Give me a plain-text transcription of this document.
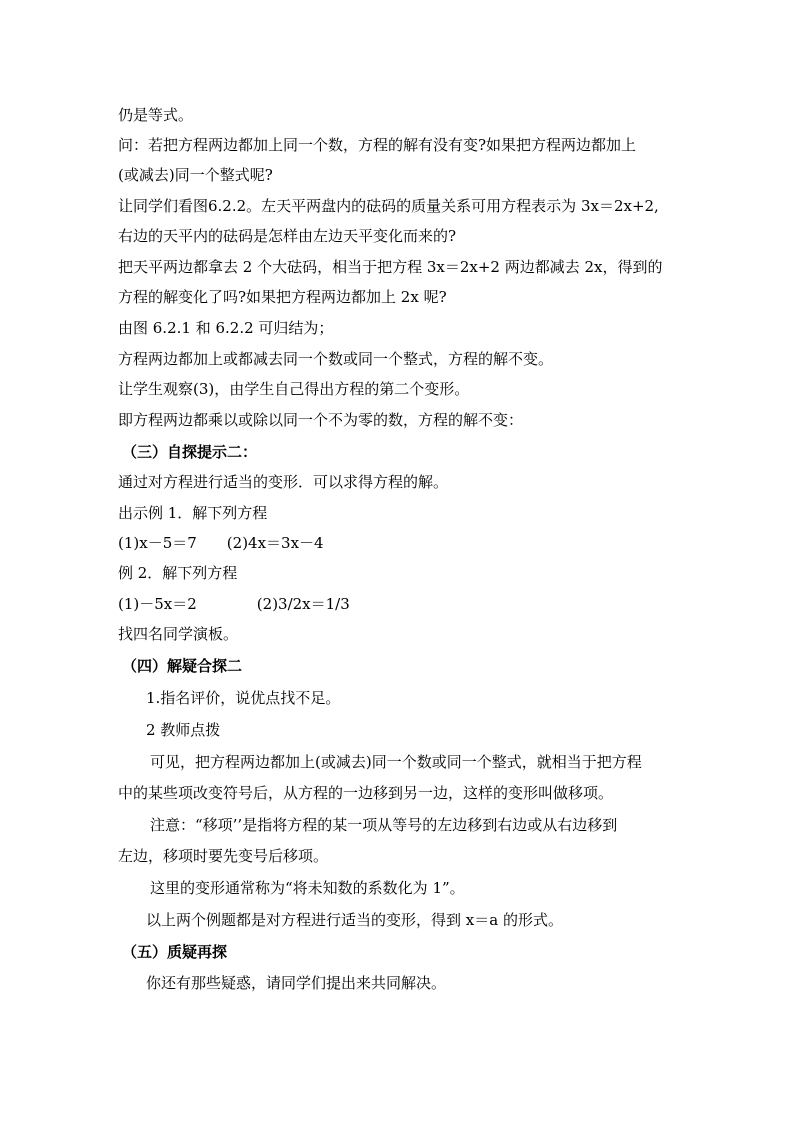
仍是等式。
问：若把方程两边都加上同一个数，方程的解有没有变?如果把方程两边都加上
(或减去)同一个整式呢?
让同学们看图6.2.2。左天平两盘内的砝码的质量关系可用方程表示为 3x＝2x+2,
右边的天平内的砝码是怎样由左边天平变化而来的?
把天平两边都拿去 2 个大砝码，相当于把方程 3x＝2x+2 两边都减去 2x，得到的
方程的解变化了吗?如果把方程两边都加上 2x 呢?
由图 6.2.1 和 6.2.2 可归结为；
方程两边都加上或都减去同一个数或同一个整式，方程的解不变。
让学生观察(3)，由学生自己得出方程的第二个变形。
即方程两边都乘以或除以同一个不为零的数，方程的解不变：
（三）自探提示二：
通过对方程进行适当的变形．可以求得方程的解。
出示例 1．解下列方程
(1)x－5＝7　　(2)4x＝3x－4
例 2．解下列方程
(1)－5x＝2　　　　(2)3/2x＝1/3
找四名同学演板。
（四）解疑合探二
1.指名评价，说优点找不足。
2 教师点拨
可见，把方程两边都加上(或减去)同一个数或同一个整式，就相当于把方程
中的某些项改变符号后，从方程的一边移到另一边，这样的变形叫做移项。
注意：“移项’’是指将方程的某一项从等号的左边移到右边或从右边移到
左边，移项时要先变号后移项。
这里的变形通常称为“将未知数的系数化为 1”。
以上两个例题都是对方程进行适当的变形，得到 x＝a 的形式。
（五）质疑再探
你还有那些疑惑，请同学们提出来共同解决。
